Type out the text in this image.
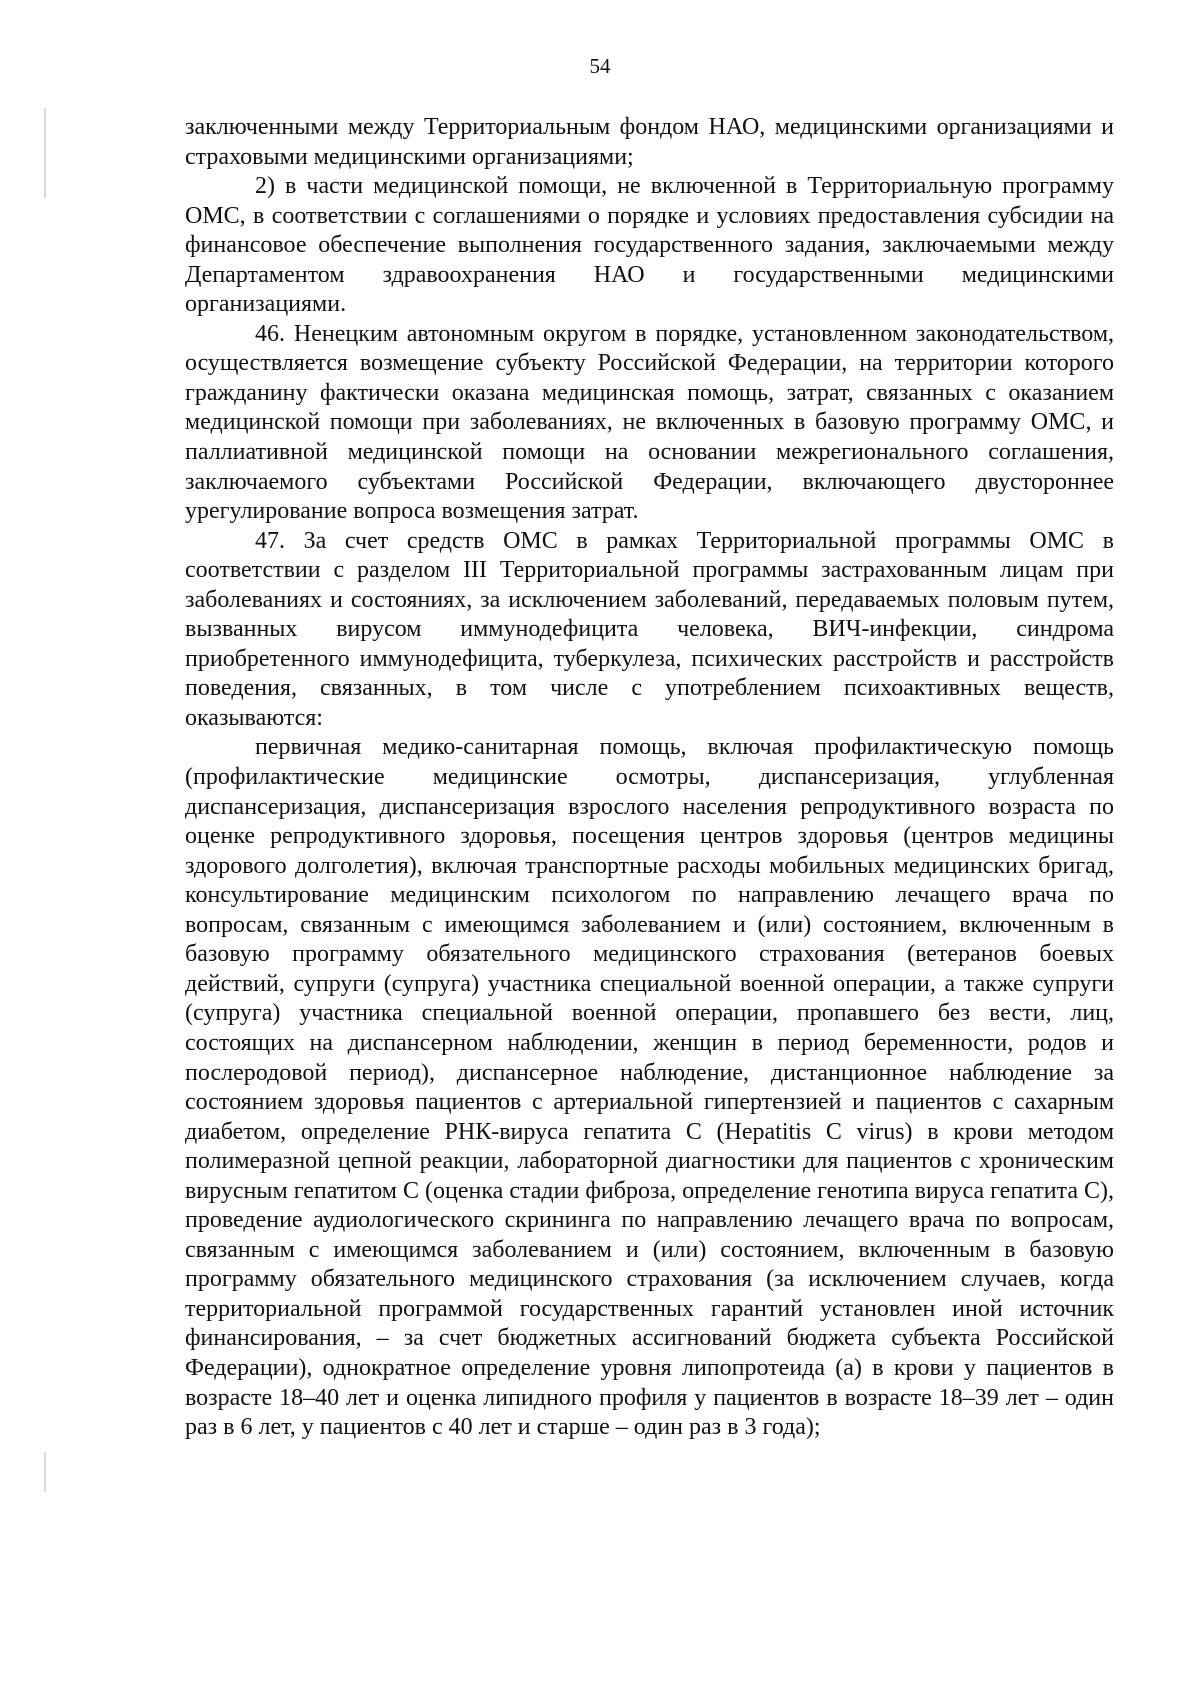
54

заключенными между Территориальным фондом НАО, медицинскими организациями и страховыми медицинскими организациями;

2) в части медицинской помощи, не включенной в Территориальную программу ОМС, в соответствии с соглашениями о порядке и условиях предоставления субсидии на финансовое обеспечение выполнения государственного задания, заключаемыми между Департаментом здравоохранения НАО и государственными медицинскими организациями.

46. Ненецким автономным округом в порядке, установленном законодательством, осуществляется возмещение субъекту Российской Федерации, на территории которого гражданину фактически оказана медицинская помощь, затрат, связанных с оказанием медицинской помощи при заболеваниях, не включенных в базовую программу ОМС, и паллиативной медицинской помощи на основании межрегионального соглашения, заключаемого субъектами Российской Федерации, включающего двустороннее урегулирование вопроса возмещения затрат.

47. За счет средств ОМС в рамках Территориальной программы ОМС в соответствии с разделом III Территориальной программы застрахованным лицам при заболеваниях и состояниях, за исключением заболеваний, передаваемых половым путем, вызванных вирусом иммунодефицита человека, ВИЧ-инфекции, синдрома приобретенного иммунодефицита, туберкулеза, психических расстройств и расстройств поведения, связанных, в том числе с употреблением психоактивных веществ, оказываются:

первичная медико-санитарная помощь, включая профилактическую помощь (профилактические медицинские осмотры, диспансеризация, углубленная диспансеризация, диспансеризация взрослого населения репродуктивного возраста по оценке репродуктивного здоровья, посещения центров здоровья (центров медицины здорового долголетия), включая транспортные расходы мобильных медицинских бригад, консультирование медицинским психологом по направлению лечащего врача по вопросам, связанным с имеющимся заболеванием и (или) состоянием, включенным в базовую программу обязательного медицинского страхования (ветеранов боевых действий, супруги (супруга) участника специальной военной операции, а также супруги (супруга) участника специальной военной операции, пропавшего без вести, лиц, состоящих на диспансерном наблюдении, женщин в период беременности, родов и послеродовой период), диспансерное наблюдение, дистанционное наблюдение за состоянием здоровья пациентов с артериальной гипертензией и пациентов с сахарным диабетом, определение РНК-вируса гепатита С (Hepatitis C virus) в крови методом полимеразной цепной реакции, лабораторной диагностики для пациентов с хроническим вирусным гепатитом С (оценка стадии фиброза, определение генотипа вируса гепатита С), проведение аудиологического скрининга по направлению лечащего врача по вопросам, связанным с имеющимся заболеванием и (или) состоянием, включенным в базовую программу обязательного медицинского страхования (за исключением случаев, когда территориальной программой государственных гарантий установлен иной источник финансирования, – за счет бюджетных ассигнований бюджета субъекта Российской Федерации), однократное определение уровня липопротеида (а) в крови у пациентов в возрасте 18–40 лет и оценка липидного профиля у пациентов в возрасте 18–39 лет – один раз в 6 лет, у пациентов с 40 лет и старше – один раз в 3 года);
